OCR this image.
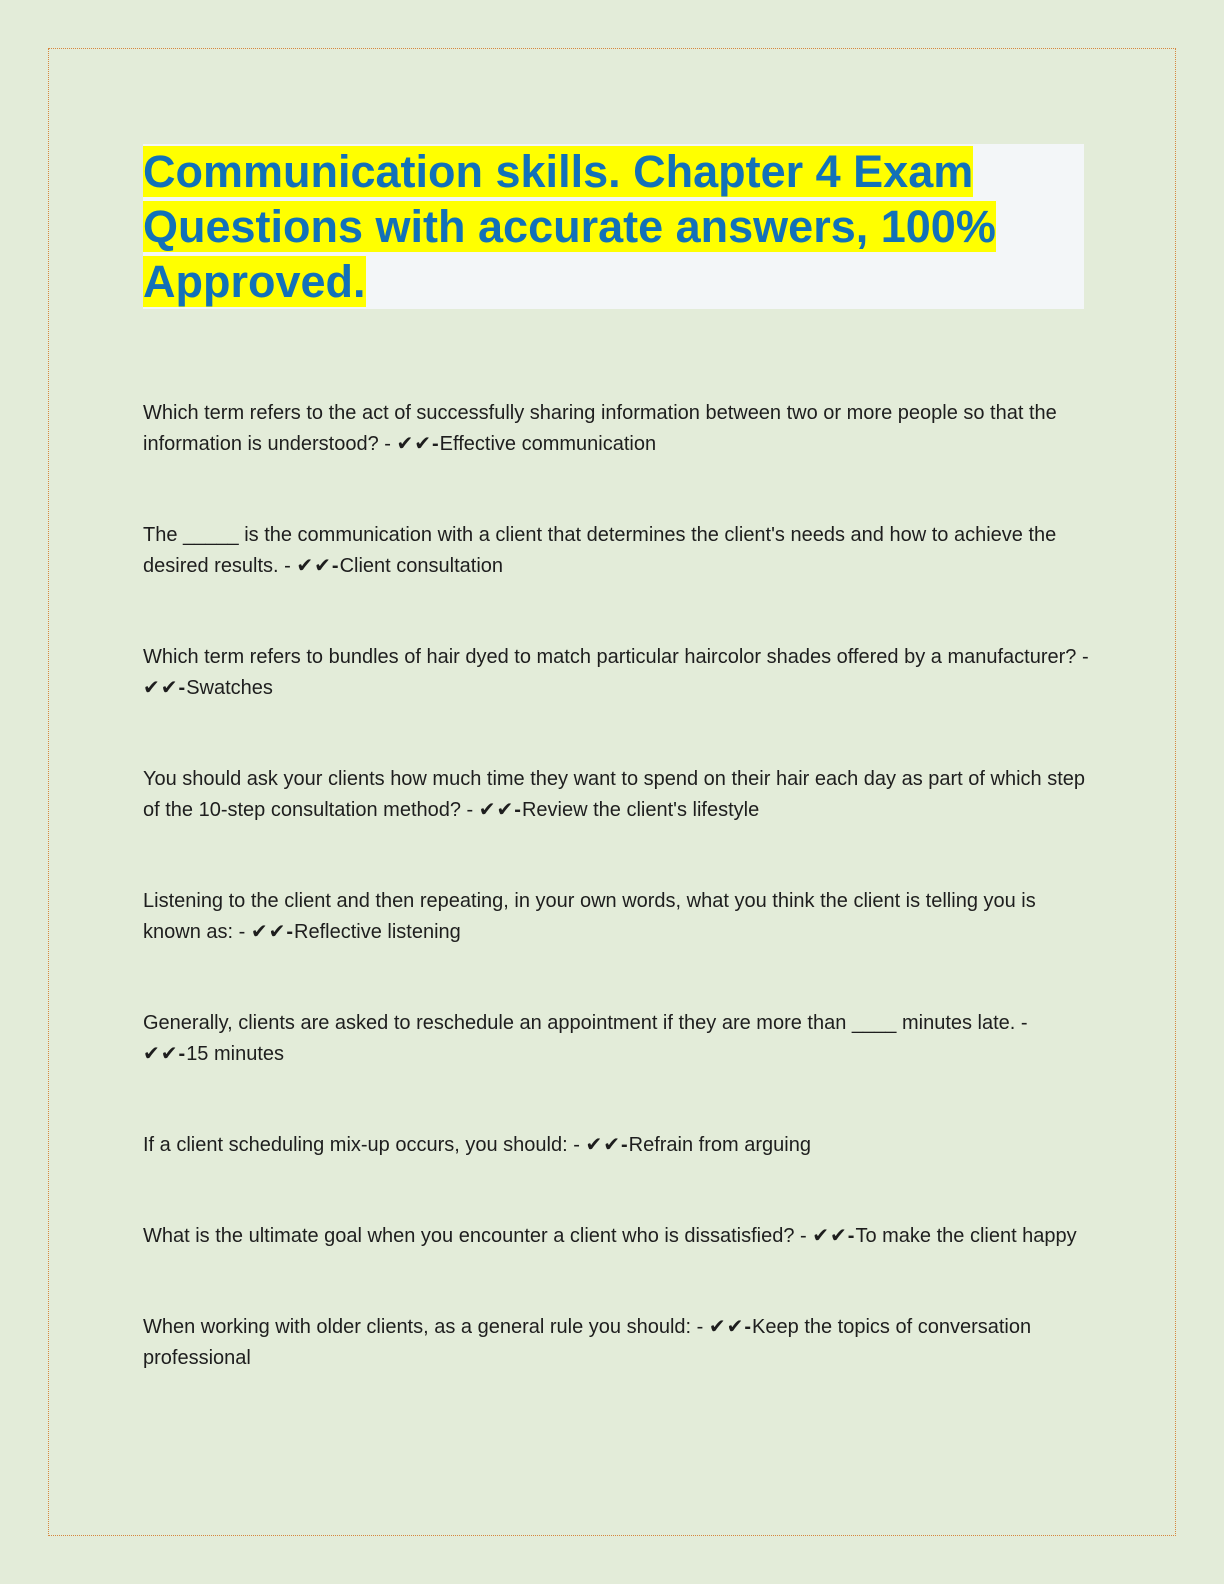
Communication skills. Chapter 4 Exam
Questions with accurate answers, 100%
Approved.

Which term refers to the act of successfully sharing information between two or more people so that the information is understood? - ✔✔-Effective communication

The _____ is the communication with a client that determines the client's needs and how to achieve the desired results. - ✔✔-Client consultation

Which term refers to bundles of hair dyed to match particular haircolor shades offered by a manufacturer? - ✔✔-Swatches

You should ask your clients how much time they want to spend on their hair each day as part of which step of the 10-step consultation method? - ✔✔-Review the client's lifestyle

Listening to the client and then repeating, in your own words, what you think the client is telling you is known as: - ✔✔-Reflective listening

Generally, clients are asked to reschedule an appointment if they are more than ____ minutes late. - ✔✔-15 minutes

If a client scheduling mix-up occurs, you should: - ✔✔-Refrain from arguing

What is the ultimate goal when you encounter a client who is dissatisfied? - ✔✔-To make the client happy

When working with older clients, as a general rule you should: - ✔✔-Keep the topics of conversation professional
